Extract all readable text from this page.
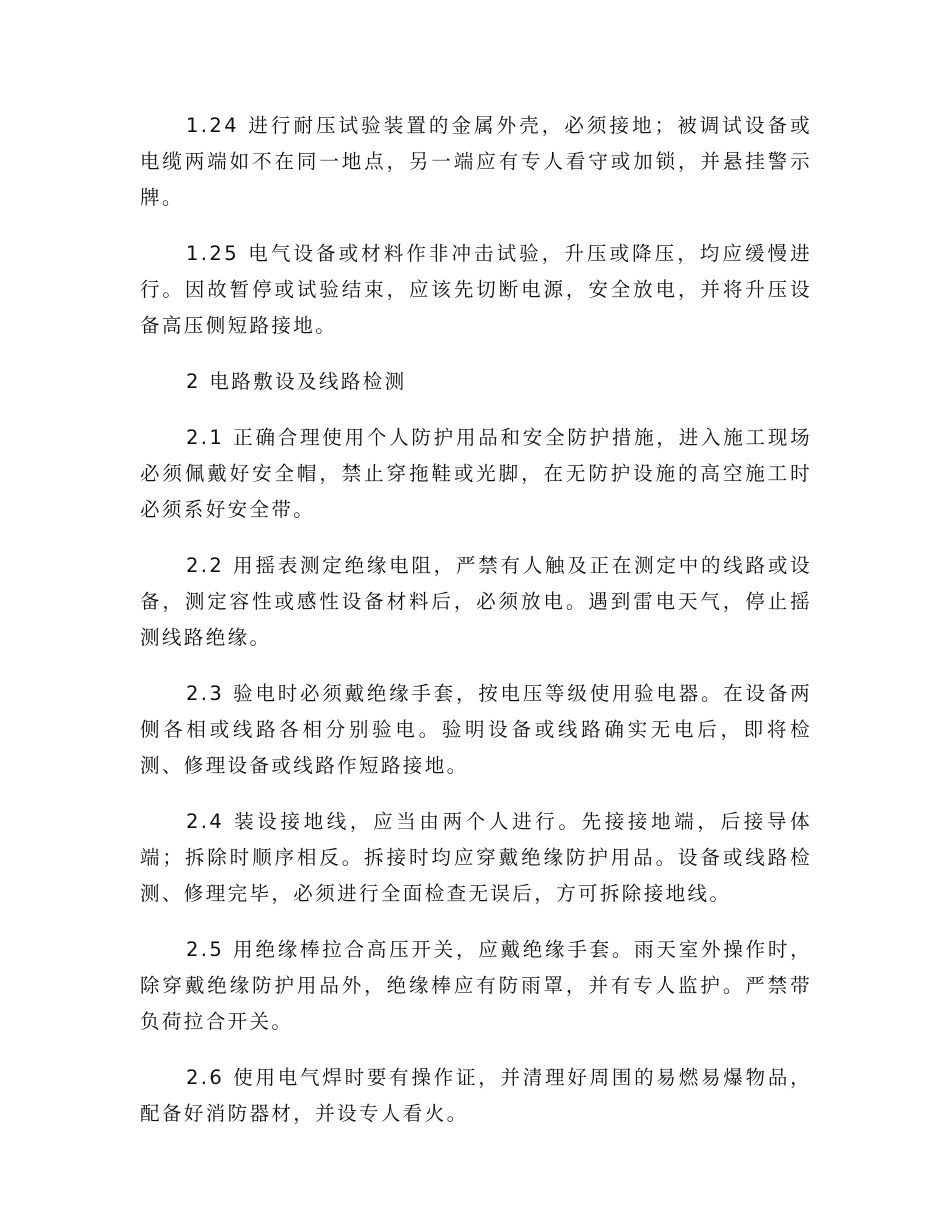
1.24 进行耐压试验装置的金属外壳，必须接地；被调试设备或电缆两端如不在同一地点，另一端应有专人看守或加锁，并悬挂警示牌。

1.25 电气设备或材料作非冲击试验，升压或降压，均应缓慢进行。因故暂停或试验结束，应该先切断电源，安全放电，并将升压设备高压侧短路接地。

2 电路敷设及线路检测

2.1 正确合理使用个人防护用品和安全防护措施，进入施工现场必须佩戴好安全帽，禁止穿拖鞋或光脚，在无防护设施的高空施工时必须系好安全带。

2.2 用摇表测定绝缘电阻，严禁有人触及正在测定中的线路或设备，测定容性或感性设备材料后，必须放电。遇到雷电天气，停止摇测线路绝缘。

2.3 验电时必须戴绝缘手套，按电压等级使用验电器。在设备两侧各相或线路各相分别验电。验明设备或线路确实无电后，即将检测、修理设备或线路作短路接地。

2.4 装设接地线，应当由两个人进行。先接接地端，后接导体端；拆除时顺序相反。拆接时均应穿戴绝缘防护用品。设备或线路检测、修理完毕，必须进行全面检查无误后，方可拆除接地线。

2.5 用绝缘棒拉合高压开关，应戴绝缘手套。雨天室外操作时，除穿戴绝缘防护用品外，绝缘棒应有防雨罩，并有专人监护。严禁带负荷拉合开关。

2.6 使用电气焊时要有操作证，并清理好周围的易燃易爆物品，配备好消防器材，并设专人看火。
